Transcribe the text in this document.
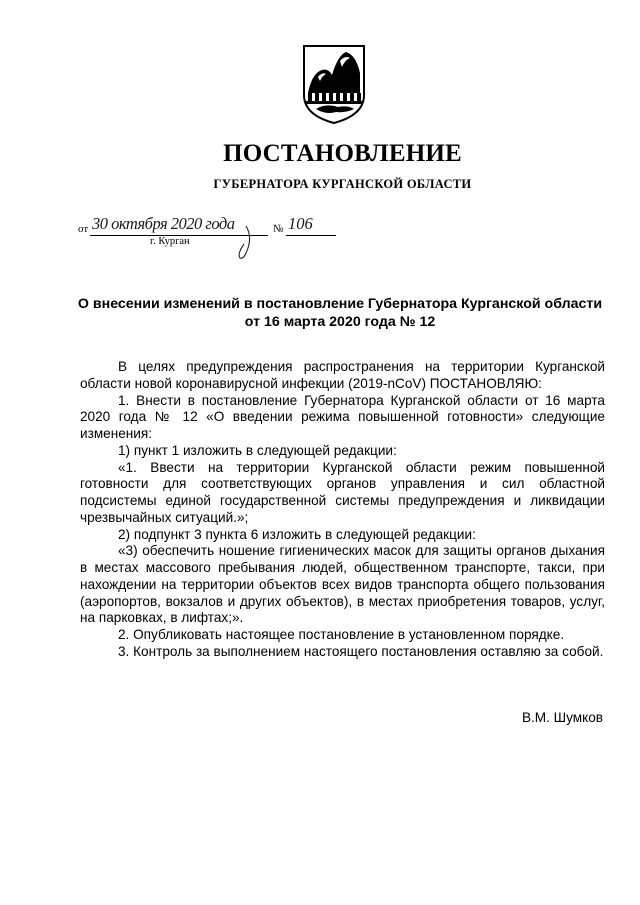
ПОСТАНОВЛЕНИЕ
ГУБЕРНАТОРА КУРГАНСКОЙ ОБЛАСТИ
от 30 октября 2020 года	№ 106
г. Курган
О внесении изменений в постановление Губернатора Курганской области
от 16 марта 2020 года № 12

В целях предупреждения распространения на территории Курганской области новой коронавирусной инфекции (2019-nCoV) ПОСТАНОВЛЯЮ:

1. Внести в постановление Губернатора Курганской области от 16 марта 2020 года № 12 «О введении режима повышенной готовности» следующие изменения:

1) пункт 1 изложить в следующей редакции:

«1. Ввести на территории Курганской области режим повышенной готовности для соответствующих органов управления и сил областной подсистемы единой государственной системы предупреждения и ликвидации чрезвычайных ситуаций.»;

2) подпункт 3 пункта 6 изложить в следующей редакции:

«3) обеспечить ношение гигиенических масок для защиты органов дыхания в местах массового пребывания людей, общественном транспорте, такси, при нахождении на территории объектов всех видов транспорта общего пользования (аэропортов, вокзалов и других объектов), в местах приобретения товаров, услуг, на парковках, в лифтах;».

2. Опубликовать настоящее постановление в установленном порядке.

3. Контроль за выполнением настоящего постановления оставляю за собой.

В.М. Шумков
